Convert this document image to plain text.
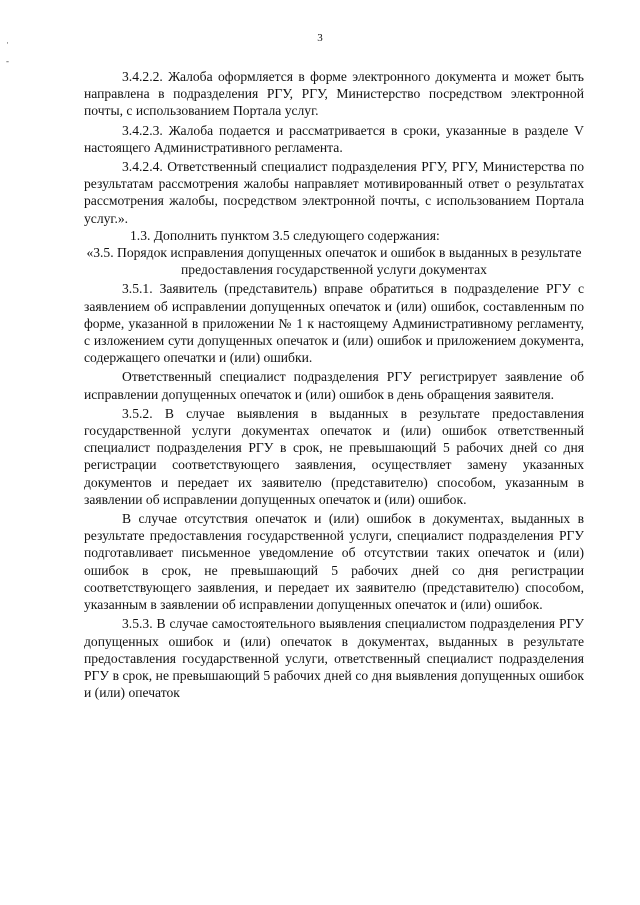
·
-
3

3.4.2.2. Жалоба оформляется в форме электронного документа и может быть направлена в подразделения РГУ, РГУ, Министерство посредством электронной почты, с использованием Портала услуг.

3.4.2.3. Жалоба подается и рассматривается в сроки, указанные в разделе V настоящего Административного регламента.

3.4.2.4. Ответственный специалист подразделения РГУ, РГУ, Министерства по результатам рассмотрения жалобы направляет мотивированный ответ о результатах рассмотрения жалобы, посредством электронной почты, с использованием Портала услуг.».

1.3. Дополнить пунктом 3.5 следующего содержания:

«3.5. Порядок исправления допущенных опечаток и ошибок в выданных в результате предоставления государственной услуги документах

3.5.1. Заявитель (представитель) вправе обратиться в подразделение РГУ с заявлением об исправлении допущенных опечаток и (или) ошибок, составленным по форме, указанной в приложении № 1 к настоящему Административному регламенту, с изложением сути допущенных опечаток и (или) ошибок и приложением документа, содержащего опечатки и (или) ошибки.

Ответственный специалист подразделения РГУ регистрирует заявление об исправлении допущенных опечаток и (или) ошибок в день обращения заявителя.

3.5.2. В случае выявления в выданных в результате предоставления государственной услуги документах опечаток и (или) ошибок ответственный специалист подразделения РГУ в срок, не превышающий 5 рабочих дней со дня регистрации соответствующего заявления, осуществляет замену указанных документов и передает их заявителю (представителю) способом, указанным в заявлении об исправлении допущенных опечаток и (или) ошибок.

В случае отсутствия опечаток и (или) ошибок в документах, выданных в результате предоставления государственной услуги, специалист подразделения РГУ подготавливает письменное уведомление об отсутствии таких опечаток и (или) ошибок в срок, не превышающий 5 рабочих дней со дня регистрации соответствующего заявления, и передает их заявителю (представителю) способом, указанным в заявлении об исправлении допущенных опечаток и (или) ошибок.

3.5.3. В случае самостоятельного выявления специалистом подразделения РГУ допущенных ошибок и (или) опечаток в документах, выданных в результате предоставления государственной услуги, ответственный специалист подразделения РГУ в срок, не превышающий 5 рабочих дней со дня выявления допущенных ошибок и (или) опечаток
